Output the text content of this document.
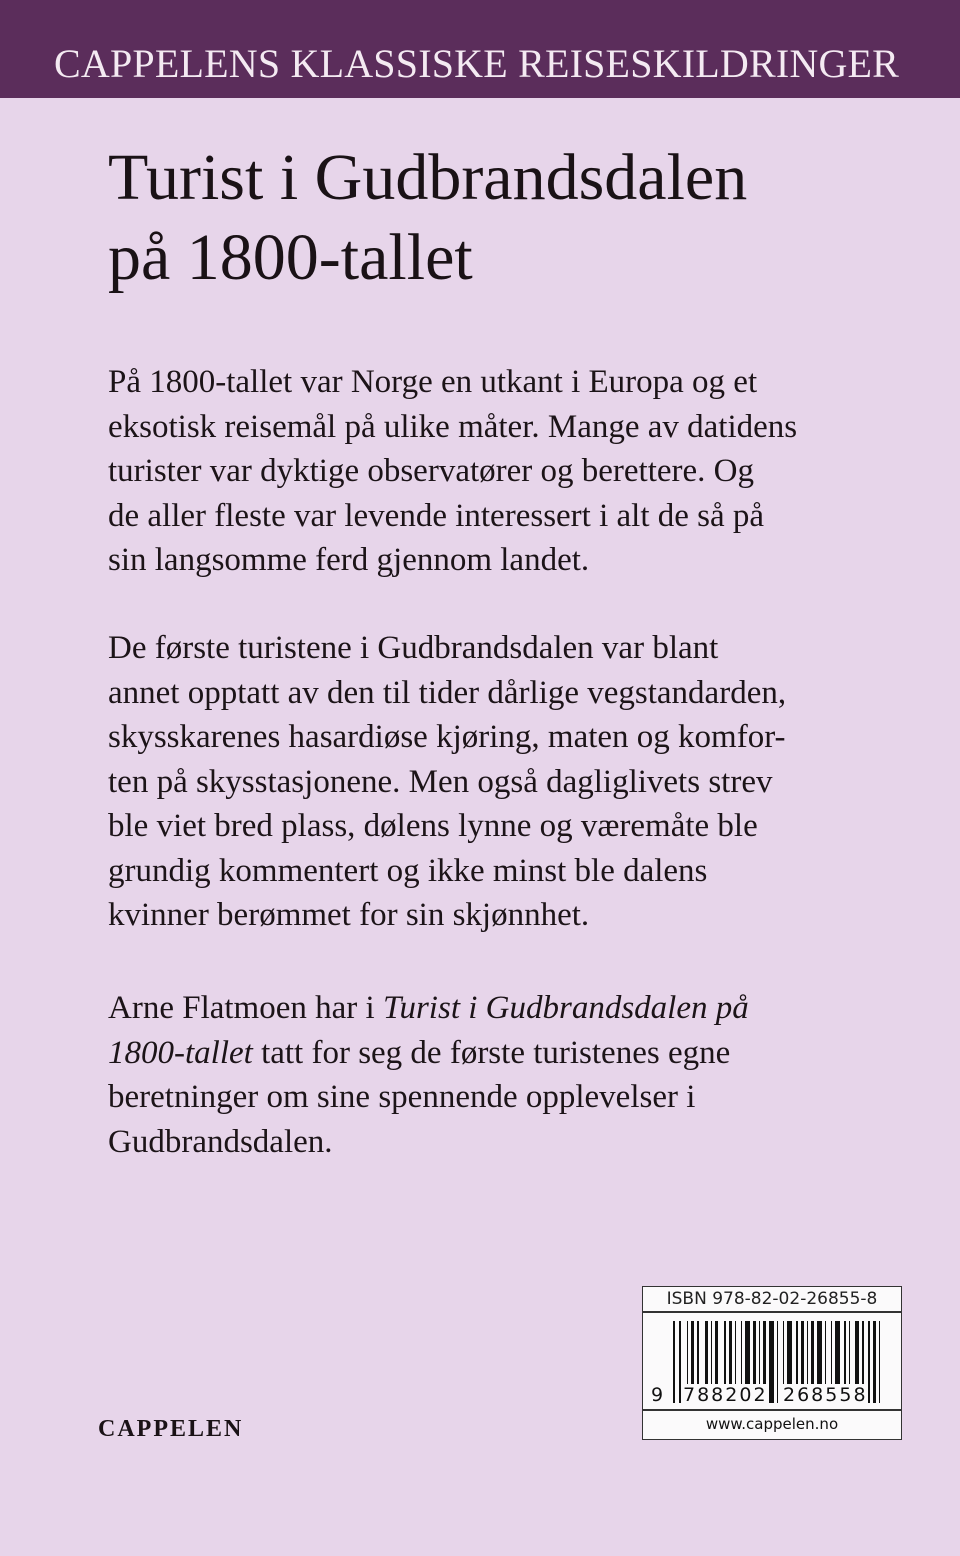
CAPPELENS KLASSISKE REISESKILDRINGER
Turist i Gudbrandsdalen
på 1800-tallet
På 1800-tallet var Norge en utkant i Europa og et
eksotisk reisemål på ulike måter. Mange av datidens
turister var dyktige observatører og berettere. Og
de aller fleste var levende interessert i alt de så på
sin langsomme ferd gjennom landet.
De første turistene i Gudbrandsdalen var blant
annet opptatt av den til tider dårlige vegstandarden,
skysskarenes hasardiøse kjøring, maten og komfor-
ten på skysstasjonene. Men også dagliglivets strev
ble viet bred plass, dølens lynne og væremåte ble
grundig kommentert og ikke minst ble dalens
kvinner berømmet for sin skjønnhet.
Arne Flatmoen har i Turist i Gudbrandsdalen på
1800-tallet tatt for seg de første turistenes egne
beretninger om sine spennende opplevelser i
Gudbrandsdalen.
CAPPELEN
ISBN 978-82-02-26855-8
9 788202 268558
www.cappelen.no
